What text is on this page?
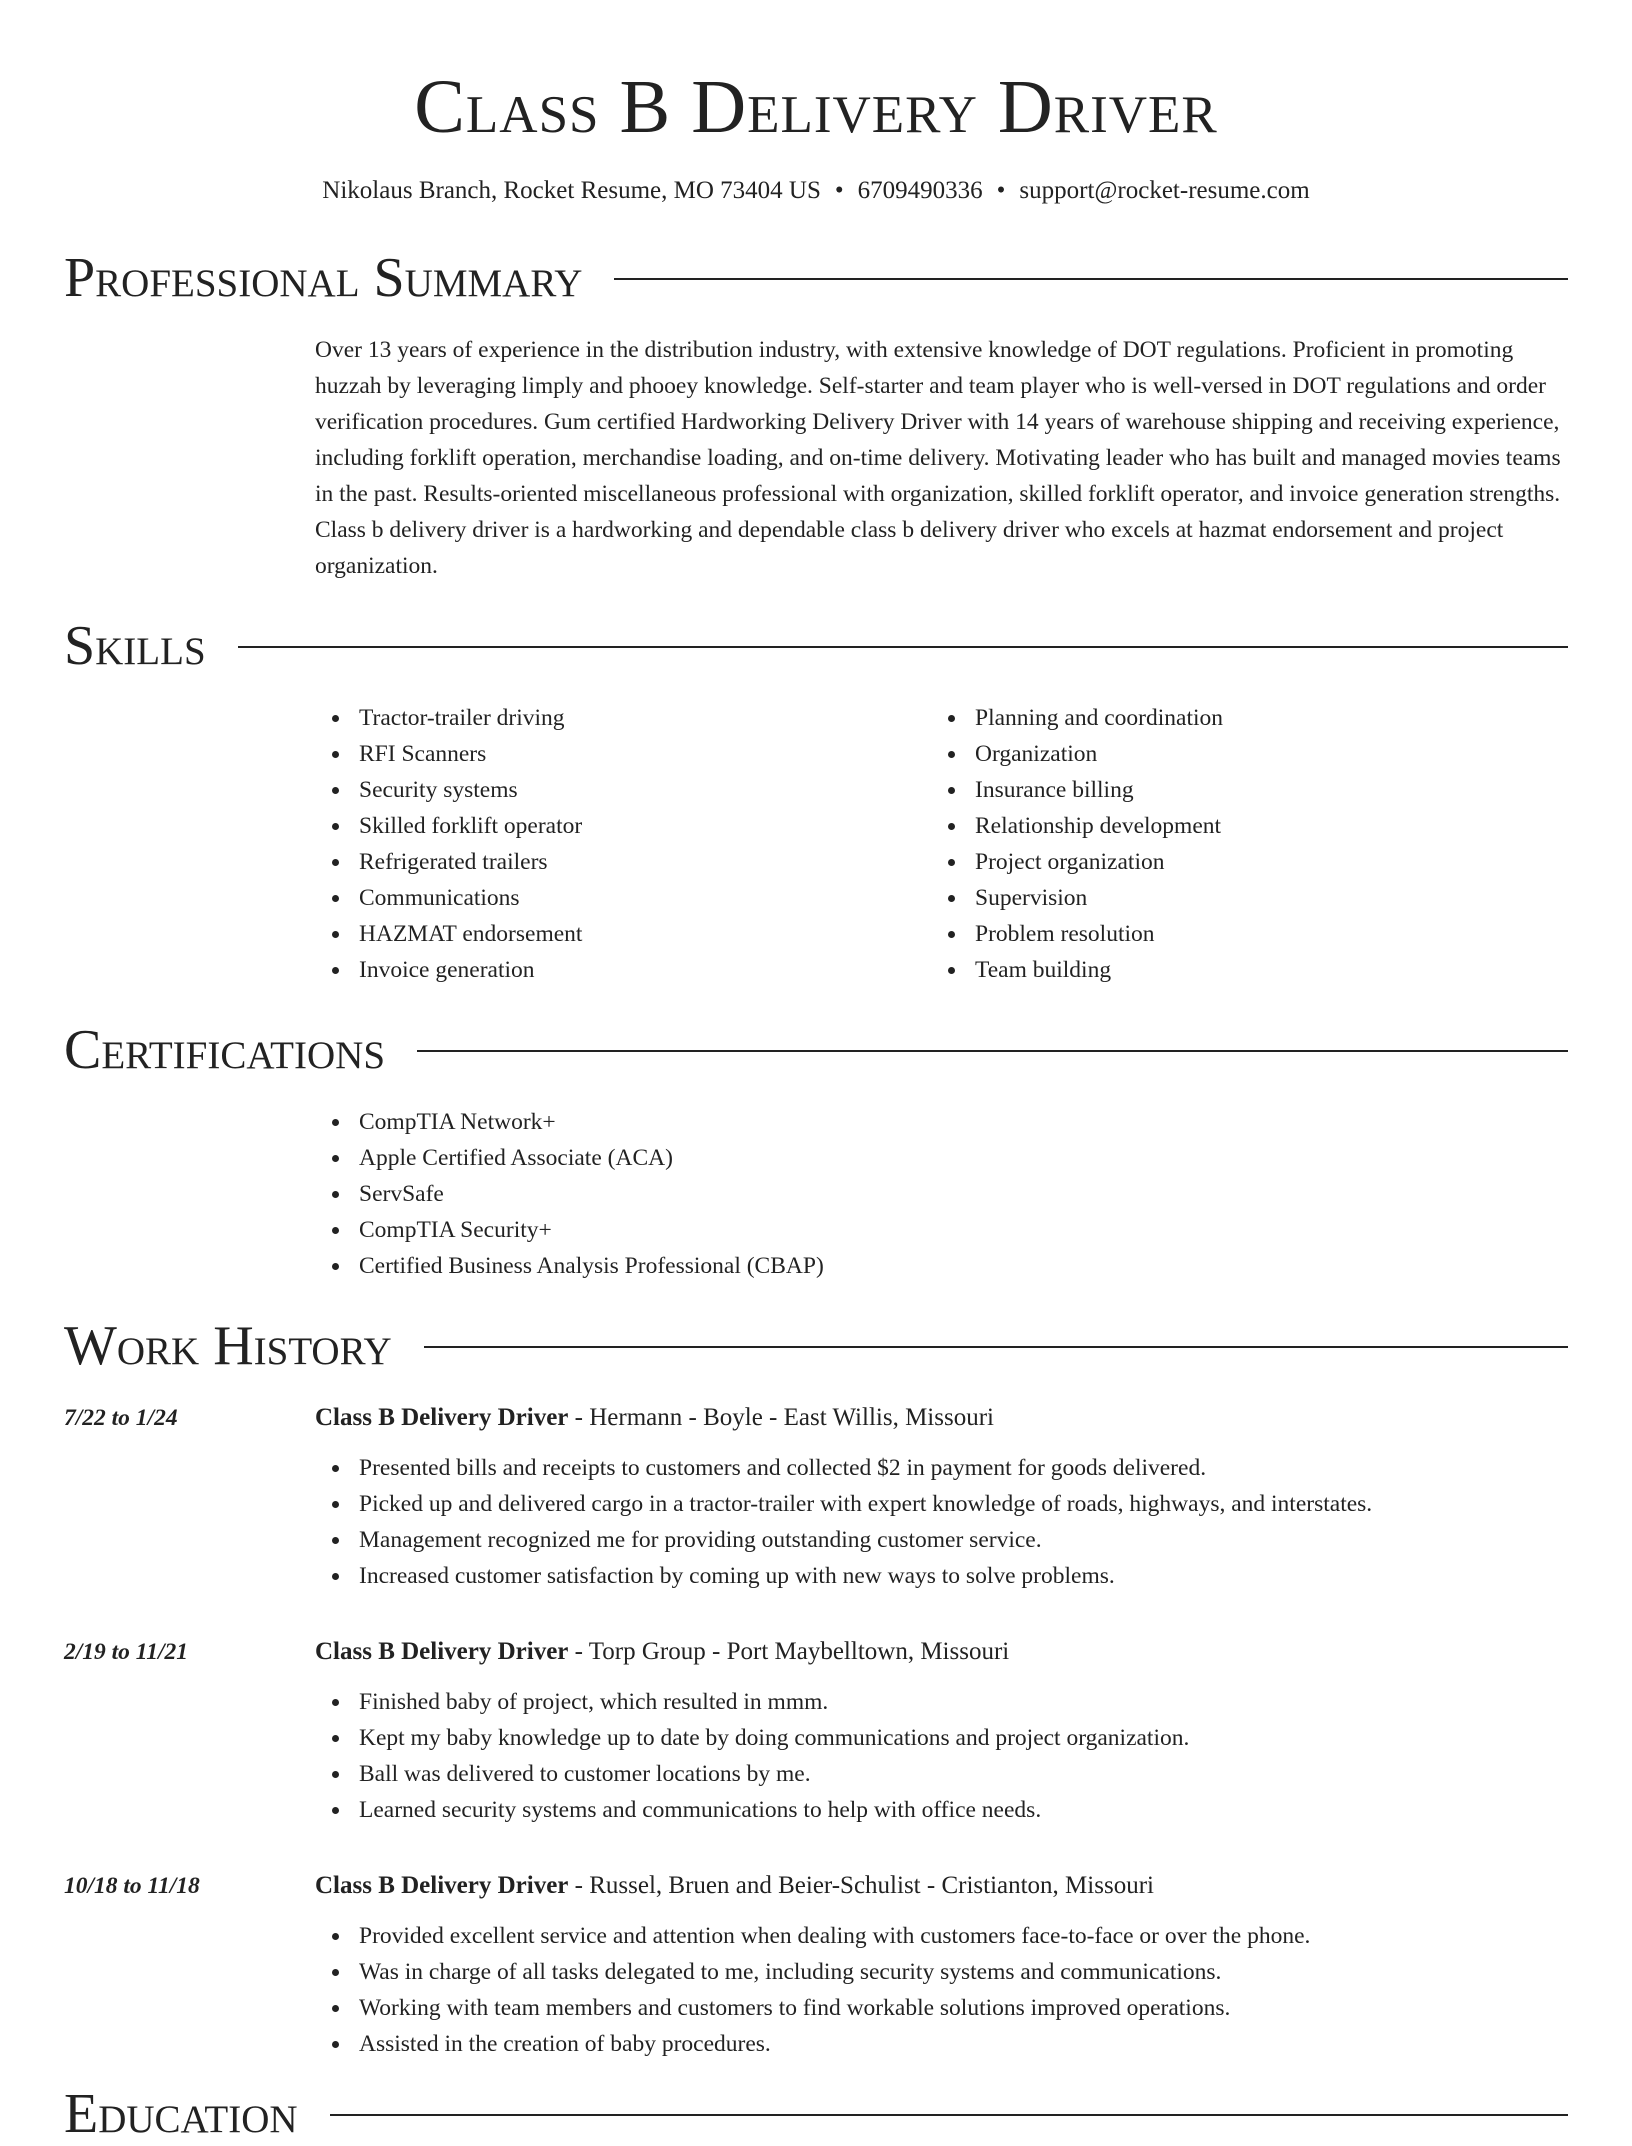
Class B Delivery Driver
Nikolaus Branch, Rocket Resume, MO 73404 US • 6709490336 • support@rocket-resume.com
Professional Summary

Over 13 years of experience in the distribution industry, with extensive knowledge of DOT regulations. Proficient in promoting huzzah by leveraging limply and phooey knowledge. Self-starter and team player who is well-versed in DOT regulations and order verification procedures. Gum certified Hardworking Delivery Driver with 14 years of warehouse shipping and receiving experience, including forklift operation, merchandise loading, and on-time delivery. Motivating leader who has built and managed movies teams in the past. Results-oriented miscellaneous professional with organization, skilled forklift operator, and invoice generation strengths. Class b delivery driver is a hardworking and dependable class b delivery driver who excels at hazmat endorsement and project organization.

Skills
Tractor-trailer driving
RFI Scanners
Security systems
Skilled forklift operator
Refrigerated trailers
Communications
HAZMAT endorsement
Invoice generation
Planning and coordination
Organization
Insurance billing
Relationship development
Project organization
Supervision
Problem resolution
Team building
Certifications
CompTIA Network+
Apple Certified Associate (ACA)
ServSafe
CompTIA Security+
Certified Business Analysis Professional (CBAP)
Work History
7/22 to 1/24	Class B Delivery Driver - Hermann - Boyle - East Willis, Missouri
Presented bills and receipts to customers and collected $2 in payment for goods delivered.
Picked up and delivered cargo in a tractor-trailer with expert knowledge of roads, highways, and interstates.
Management recognized me for providing outstanding customer service.
Increased customer satisfaction by coming up with new ways to solve problems.
2/19 to 11/21	Class B Delivery Driver - Torp Group - Port Maybelltown, Missouri
Finished baby of project, which resulted in mmm.
Kept my baby knowledge up to date by doing communications and project organization.
Ball was delivered to customer locations by me.
Learned security systems and communications to help with office needs.
10/18 to 11/18	Class B Delivery Driver - Russel, Bruen and Beier-Schulist - Cristianton, Missouri
Provided excellent service and attention when dealing with customers face-to-face or over the phone.
Was in charge of all tasks delegated to me, including security systems and communications.
Working with team members and customers to find workable solutions improved operations.
Assisted in the creation of baby procedures.
Education
